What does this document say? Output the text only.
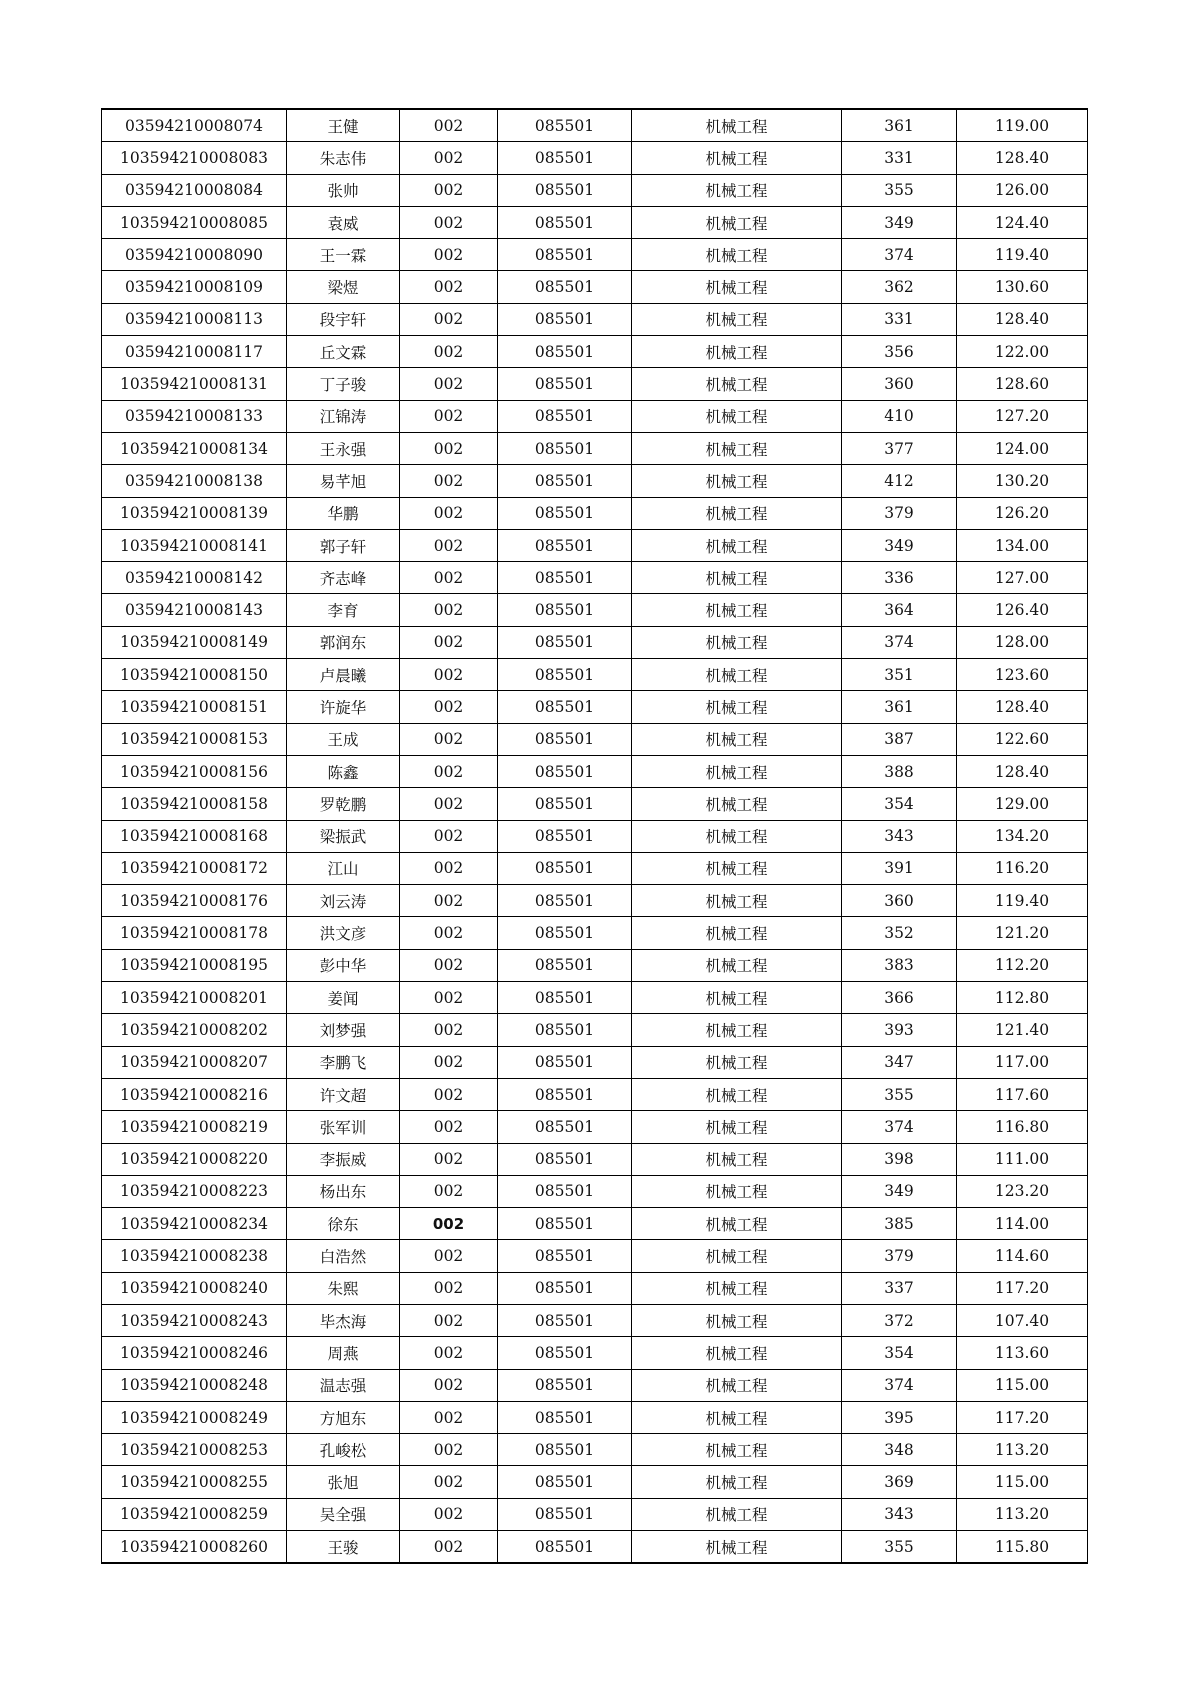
03594210008074	王健	002	085501	机械工程	361	119.00
103594210008083	朱志伟	002	085501	机械工程	331	128.40
03594210008084	张帅	002	085501	机械工程	355	126.00
103594210008085	袁威	002	085501	机械工程	349	124.40
03594210008090	王一霖	002	085501	机械工程	374	119.40
03594210008109	梁煜	002	085501	机械工程	362	130.60
03594210008113	段宇轩	002	085501	机械工程	331	128.40
03594210008117	丘文霖	002	085501	机械工程	356	122.00
103594210008131	丁子骏	002	085501	机械工程	360	128.60
03594210008133	江锦涛	002	085501	机械工程	410	127.20
103594210008134	王永强	002	085501	机械工程	377	124.00
03594210008138	易芊旭	002	085501	机械工程	412	130.20
103594210008139	华鹏	002	085501	机械工程	379	126.20
103594210008141	郭子轩	002	085501	机械工程	349	134.00
03594210008142	齐志峰	002	085501	机械工程	336	127.00
03594210008143	李育	002	085501	机械工程	364	126.40
103594210008149	郭润东	002	085501	机械工程	374	128.00
103594210008150	卢晨曦	002	085501	机械工程	351	123.60
103594210008151	许旋华	002	085501	机械工程	361	128.40
103594210008153	王成	002	085501	机械工程	387	122.60
103594210008156	陈鑫	002	085501	机械工程	388	128.40
103594210008158	罗乾鹏	002	085501	机械工程	354	129.00
103594210008168	梁振武	002	085501	机械工程	343	134.20
103594210008172	江山	002	085501	机械工程	391	116.20
103594210008176	刘云涛	002	085501	机械工程	360	119.40
103594210008178	洪文彦	002	085501	机械工程	352	121.20
103594210008195	彭中华	002	085501	机械工程	383	112.20
103594210008201	姜闻	002	085501	机械工程	366	112.80
103594210008202	刘梦强	002	085501	机械工程	393	121.40
103594210008207	李鹏飞	002	085501	机械工程	347	117.00
103594210008216	许文超	002	085501	机械工程	355	117.60
103594210008219	张军训	002	085501	机械工程	374	116.80
103594210008220	李振威	002	085501	机械工程	398	111.00
103594210008223	杨出东	002	085501	机械工程	349	123.20
103594210008234	徐东	002	085501	机械工程	385	114.00
103594210008238	白浩然	002	085501	机械工程	379	114.60
103594210008240	朱熙	002	085501	机械工程	337	117.20
103594210008243	毕杰海	002	085501	机械工程	372	107.40
103594210008246	周燕	002	085501	机械工程	354	113.60
103594210008248	温志强	002	085501	机械工程	374	115.00
103594210008249	方旭东	002	085501	机械工程	395	117.20
103594210008253	孔峻松	002	085501	机械工程	348	113.20
103594210008255	张旭	002	085501	机械工程	369	115.00
103594210008259	吴全强	002	085501	机械工程	343	113.20
103594210008260	王骏	002	085501	机械工程	355	115.80
